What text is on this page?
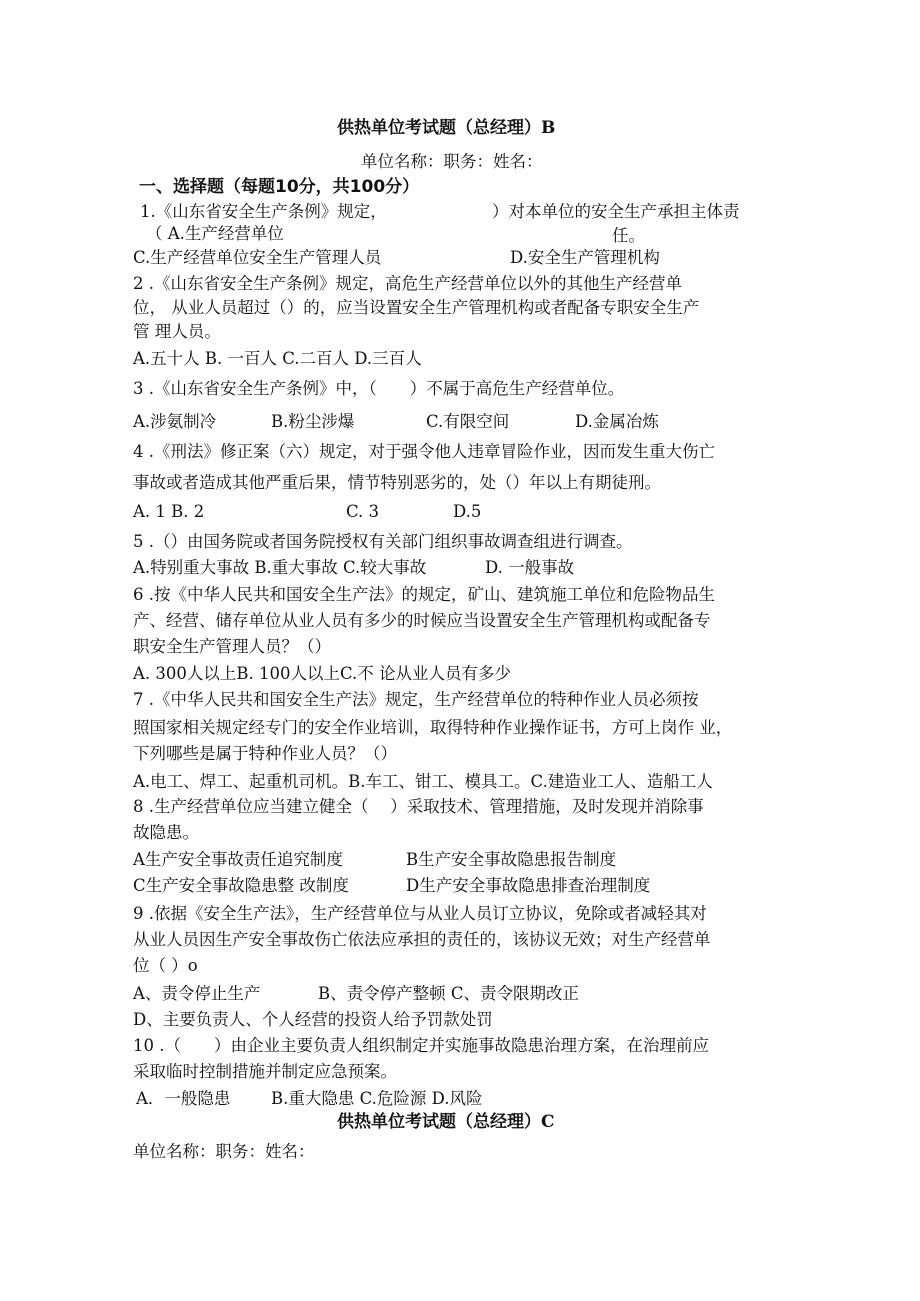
供热单位考试题（总经理）B
单位名称：职务：姓名：
一、选择题（每题10分，共100分）
1.《山东省安全生产条例》规定，	）对本单位的安全生产承担主体责
（ A.生产经营单位	任。
C.生产经营单位安全生产管理人员	D.安全生产管理机构
2 .《山东省安全生产条例》规定，高危生产经营单位以外的其他生产经营单
位， 从业人员超过（）的，应当设置安全生产管理机构或者配备专职安全生产
管 理人员。
A.五十人 B. 一百人 C.二百人 D.三百人
3 .《山东省安全生产条例》中，（　　）不属于高危生产经营单位。
A.涉氨制冷	B.粉尘涉爆	C.有限空间	D.金属冶炼
4 .《刑法》修正案（六）规定，对于强令他人违章冒险作业，因而发生重大伤亡
事故或者造成其他严重后果，情节特别恶劣的，处（）年以上有期徒刑。
A. 1 B. 2	C. 3	D.5
5 .（）由国务院或者国务院授权有关部门组织事故调查组进行调查。
A.特别重大事故 B.重大事故 C.较大事故	D. 一般事故
6 .按《中华人民共和国安全生产法》的规定，矿山、建筑施工单位和危险物品生
产、经营、储存单位从业人员有多少的时候应当设置安全生产管理机构或配备专
职安全生产管理人员？（）
A. 300人以上B. 100人以上C.不 论从业人员有多少
7 .《中华人民共和国安全生产法》规定，生产经营单位的特种作业人员必须按
照国家相关规定经专门的安全作业培训，取得特种作业操作证书，方可上岗作 业，
下列哪些是属于特种作业人员？（）
A.电工、焊工、起重机司机。B.车工、钳工、模具工。C.建造业工人、造船工人
8 .生产经营单位应当建立健全（　 ）采取技术、管理措施，及时发现并消除事
故隐患。
A生产安全事故责任追究制度	B生产安全事故隐患报告制度
C生产安全事故隐患整 改制度	D生产安全事故隐患排查治理制度
9 .依据《安全生产法》，生产经营单位与从业人员订立协议，免除或者减轻其对
从业人员因生产安全事故伤亡依法应承担的责任的，该协议无效；对生产经营单
位（ ）o
A、责令停止生产	B、责令停产整顿 C、责令限期改正
D、主要负责人、个人经营的投资人给予罚款处罚
10 .（　　）由企业主要负责人组织制定并实施事故隐患治理方案，在治理前应
采取临时控制措施并制定应急预案。
A．一般隐患 B.重大隐患 C.危险源 D.风险
供热单位考试题（总经理）C
单位名称：职务：姓名：
